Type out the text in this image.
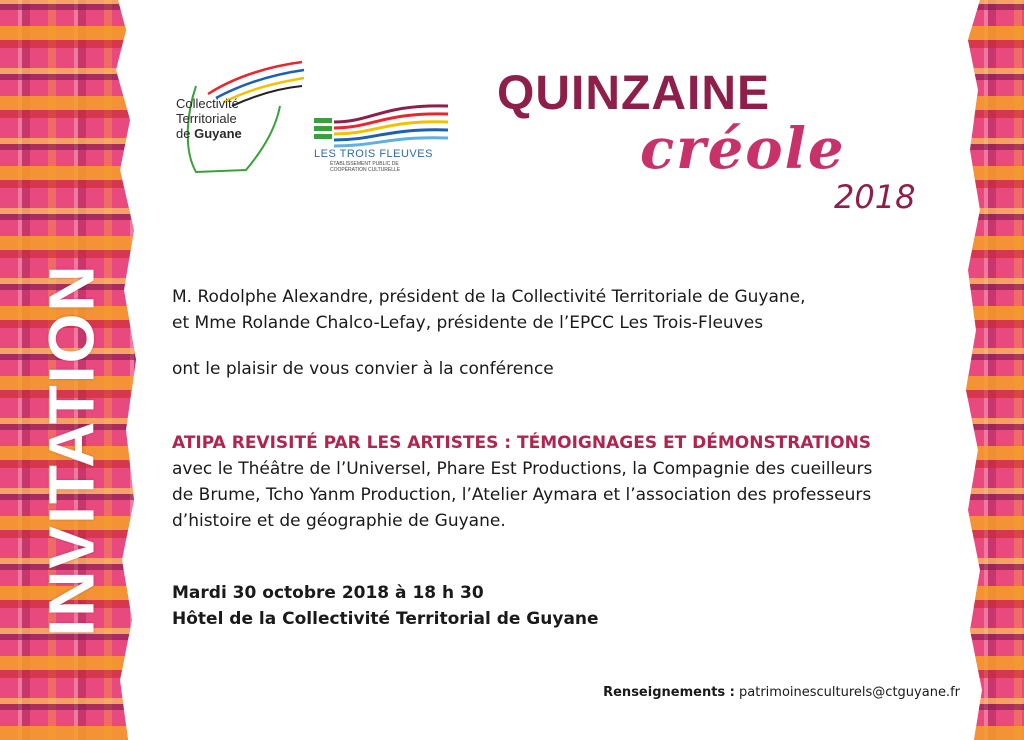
INVITATION
Collectivité
Territoriale
de Guyane
LES TROIS FLEUVES
ÉTABLISSEMENT PUBLIC DE COOPÉRATION CULTURELLE
QUINZAINE
créole
2018
M. Rodolphe Alexandre, président de la Collectivité Territoriale de Guyane,
et Mme Rolande Chalco-Lefay, présidente de l’EPCC Les Trois-Fleuves
ont le plaisir de vous convier à la conférence
ATIPA REVISITÉ PAR LES ARTISTES : TÉMOIGNAGES ET DÉMONSTRATIONS
avec le Théâtre de l’Universel, Phare Est Productions, la Compagnie des cueilleurs
de Brume, Tcho Yanm Production, l’Atelier Aymara et l’association des professeurs
d’histoire et de géographie de Guyane.
Mardi 30 octobre 2018 à 18 h 30
Hôtel de la Collectivité Territorial de Guyane
Renseignements : patrimoinesculturels@ctguyane.fr
